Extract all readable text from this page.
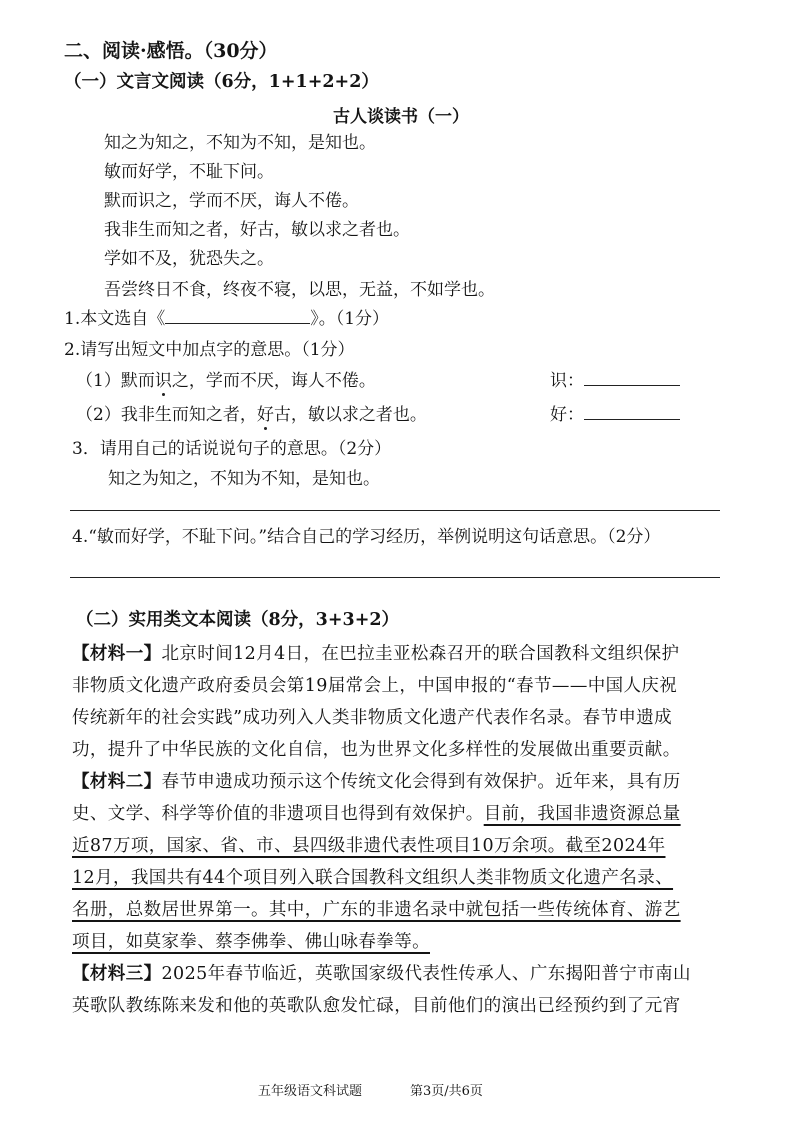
二、阅读·感悟。（30分）
（一）文言文阅读（6分，1+1+2+2）
古人谈读书（一）
知之为知之，不知为不知，是知也。
敏而好学，不耻下问。
默而识之，学而不厌，诲人不倦。
我非生而知之者，好古，敏以求之者也。
学如不及，犹恐失之。
吾尝终日不食，终夜不寝，以思，无益，不如学也。
1.本文选自《	》。（1分）
2.请写出短文中加点字的意思。（1分）
（1）默而识之，学而不厌，诲人不倦。	识：
（2）我非生而知之者，好古，敏以求之者也。	好：
3．请用自己的话说说句子的意思。（2分）
知之为知之，不知为不知，是知也。
4.“敏而好学，不耻下问。”结合自己的学习经历，举例说明这句话意思。（2分）
（二）实用类文本阅读（8分，3+3+2）
【材料一】北京时间12月4日，在巴拉圭亚松森召开的联合国教科文组织保护
非物质文化遗产政府委员会第19届常会上，中国申报的“春节——中国人庆祝
传统新年的社会实践”成功列入人类非物质文化遗产代表作名录。春节申遗成
功，提升了中华民族的文化自信，也为世界文化多样性的发展做出重要贡献。
【材料二】春节申遗成功预示这个传统文化会得到有效保护。近年来，具有历
史、文学、科学等价值的非遗项目也得到有效保护。目前，我国非遗资源总量
近87万项，国家、省、市、县四级非遗代表性项目10万余项。截至2024年
12月，我国共有44个项目列入联合国教科文组织人类非物质文化遗产名录、
名册，总数居世界第一。其中，广东的非遗名录中就包括一些传统体育、游艺
项目，如莫家拳、蔡李佛拳、佛山咏春拳等。
【材料三】2025年春节临近，英歌国家级代表性传承人、广东揭阳普宁市南山
英歌队教练陈来发和他的英歌队愈发忙碌，目前他们的演出已经预约到了元宵
五年级语文科试题	第3页/共6页
